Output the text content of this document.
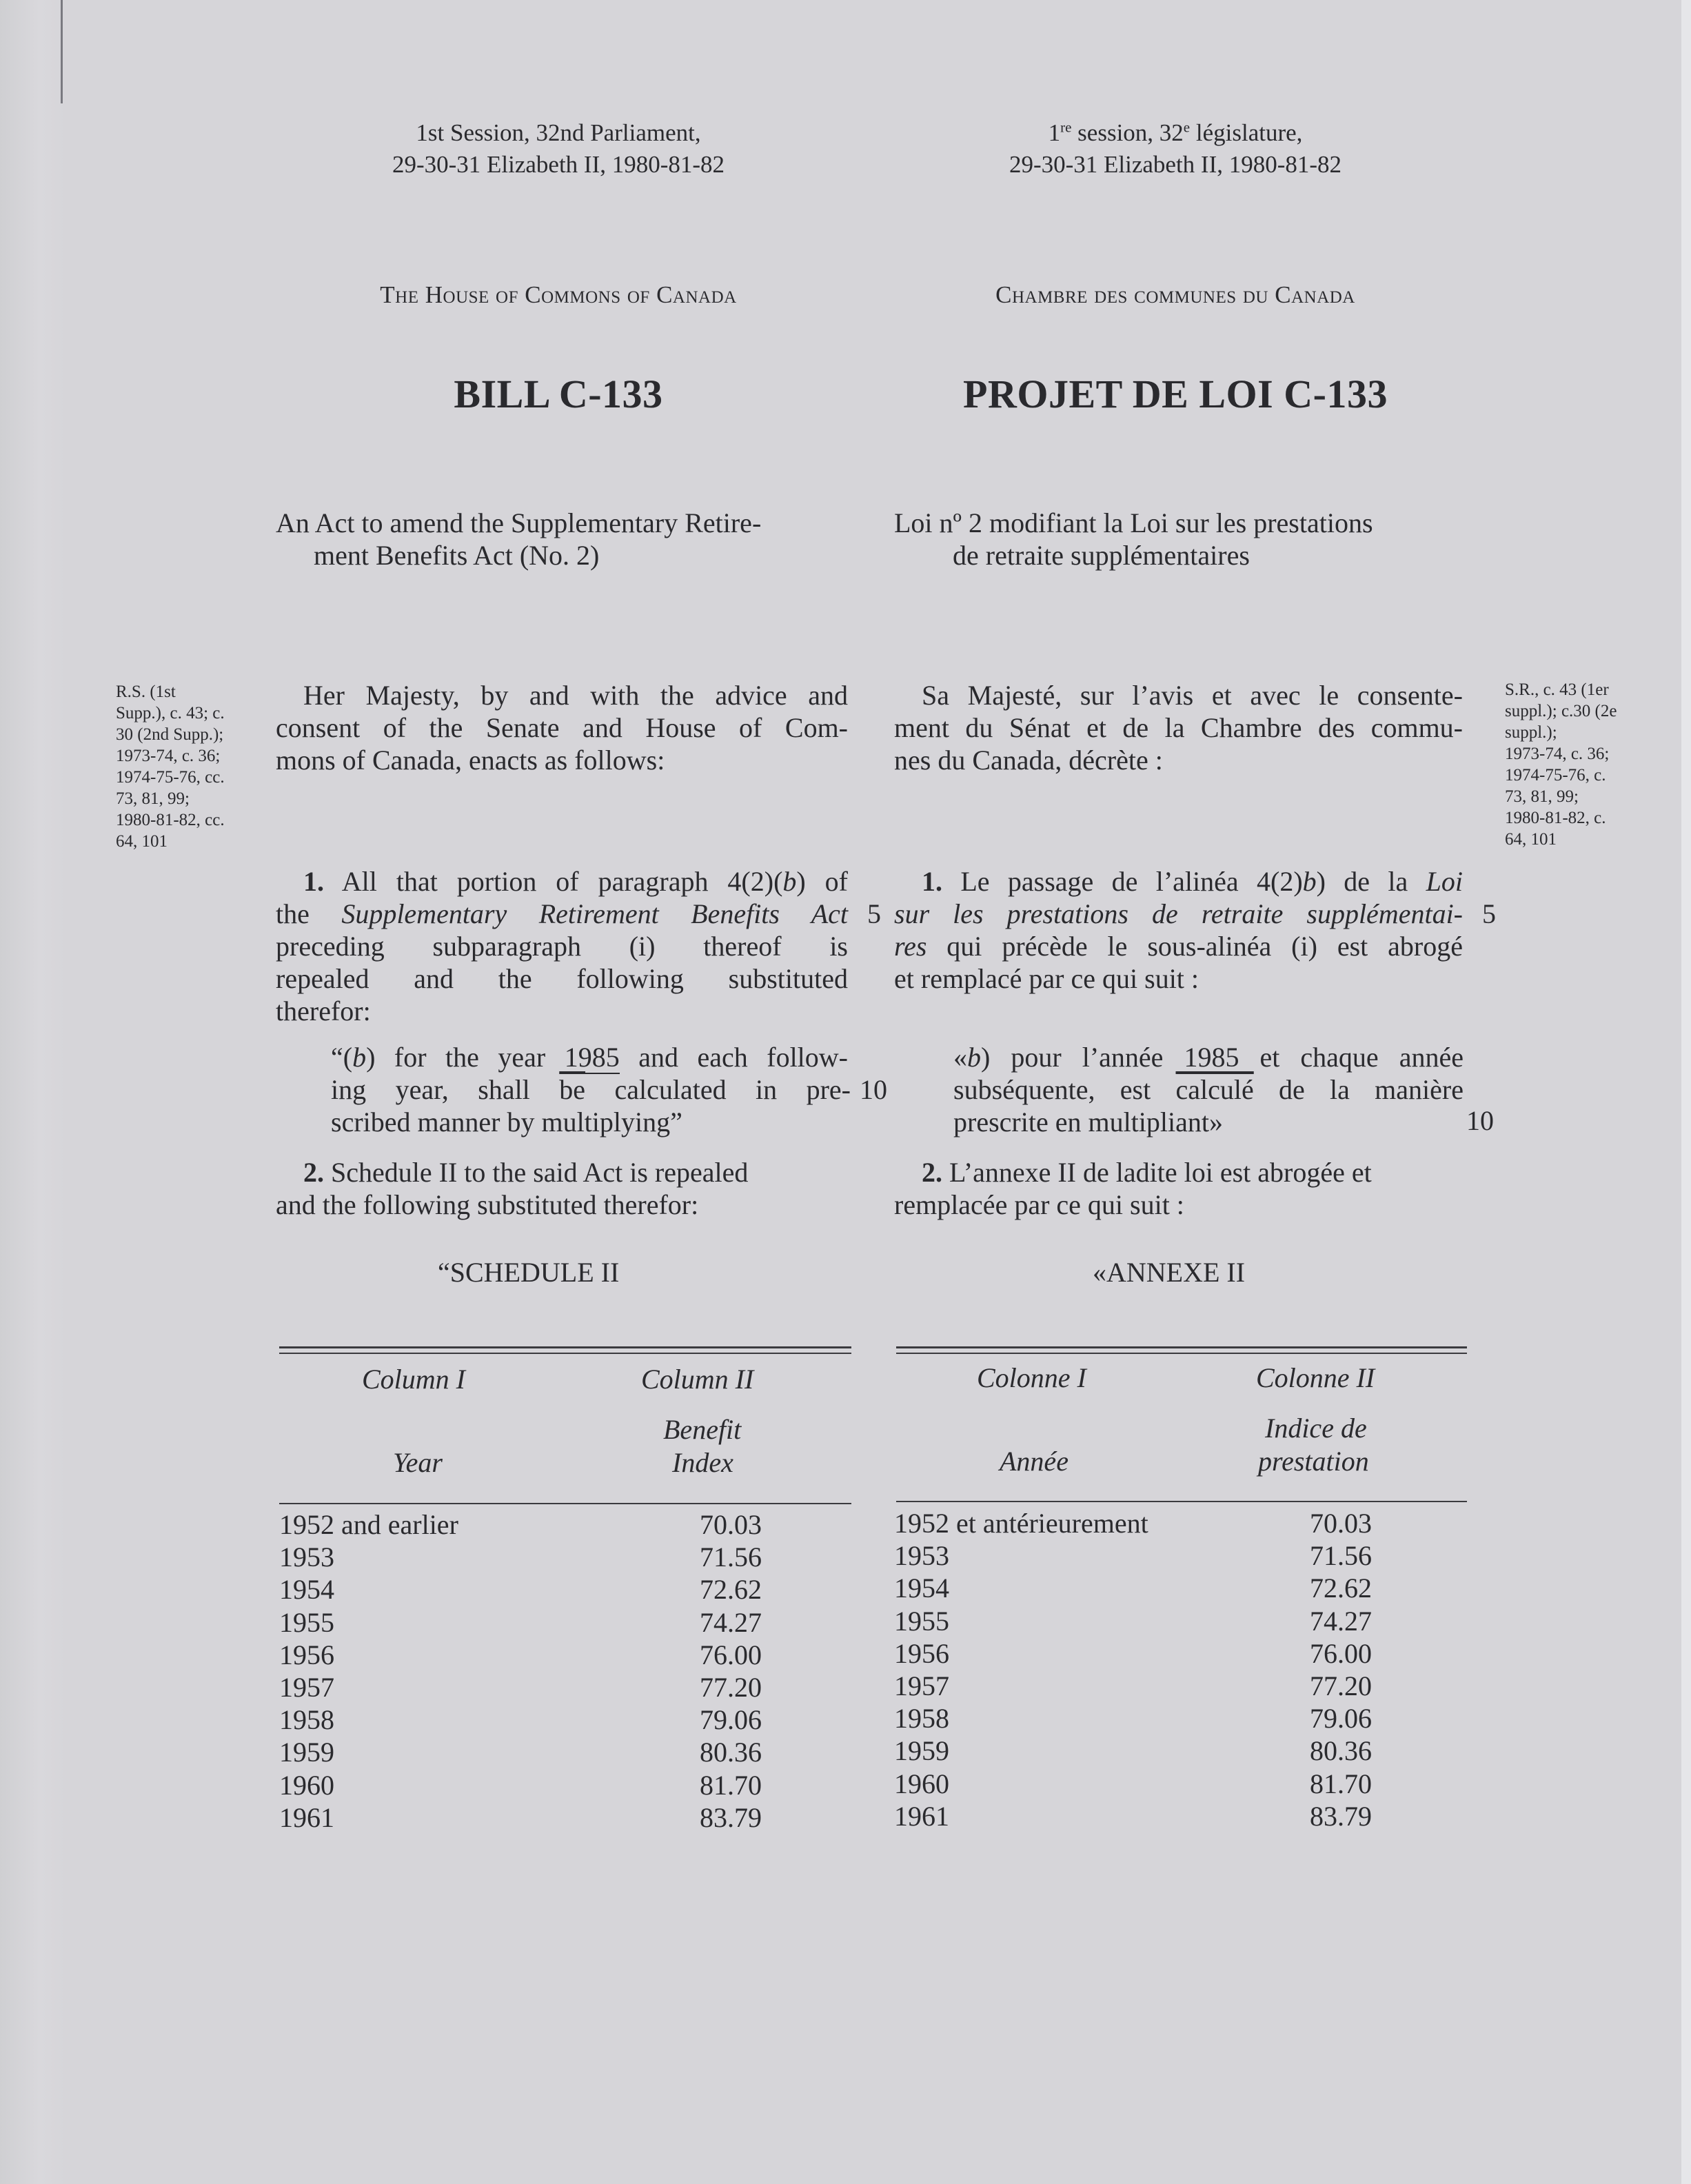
1st Session, 32nd Parliament,
29-30-31 Elizabeth II, 1980-81-82
1re session, 32e législature,
29-30-31 Elizabeth II, 1980-81-82
The House of Commons of Canada	Chambre des communes du Canada
BILL C-133	PROJET DE LOI C-133
An Act to amend the Supplementary Retire-
ment Benefits Act (No. 2)
Loi nº 2 modifiant la Loi sur les prestations
de retraite supplémentaires
R.S. (1st
Supp.), c. 43; c.
30 (2nd Supp.);
1973-74, c. 36;
1974-75-76, cc.
73, 81, 99;
1980-81-82, cc.
64, 101
S.R., c. 43 (1er
suppl.); c.30 (2e
suppl.);
1973-74, c. 36;
1974-75-76, c.
73, 81, 99;
1980-81-82, c.
64, 101
Her Majesty, by and with the advice and
consent of the Senate and House of Com-
mons of Canada, enacts as follows:
Sa Majesté, sur l’avis et avec le consente-
ment du Sénat et de la Chambre des commu-
nes du Canada, décrète :
1. All that portion of paragraph 4(2)(b) of
the Supplementary Retirement Benefits Act
preceding subparagraph (i) thereof is
repealed and the following substituted
therefor:
“(b) for the year 1985 and each follow-
ing year, shall $\overline{be}$ calculated in pre-
scribed manner by multiplying”
5
10
5
10
1. Le passage de l’alinéa 4(2)b) de la Loi
sur les prestations de retraite supplémentai-
res qui précède le sous-alinéa (i) est abrogé
et remplacé par ce qui suit :
«b) pour l’année 1985 et chaque année
subséquente, est calculé de la manière
prescrite en multipliant»
2. Schedule II to the said Act is repealed
and the following substituted therefor:
2. L’annexe II de ladite loi est abrogée et
remplacée par ce qui suit :
“SCHEDULE II	«ANNEXE II
Column I	Column II
Benefit
Year	Index
1952 and earlier	70.03
1953	71.56
1954	72.62
1955	74.27
1956	76.00
1957	77.20
1958	79.06
1959	80.36
1960	81.70
1961	83.79
Colonne I	Colonne II
Indice de
Année	prestation
1952 et antérieurement	70.03
1953	71.56
1954	72.62
1955	74.27
1956	76.00
1957	77.20
1958	79.06
1959	80.36
1960	81.70
1961	83.79
